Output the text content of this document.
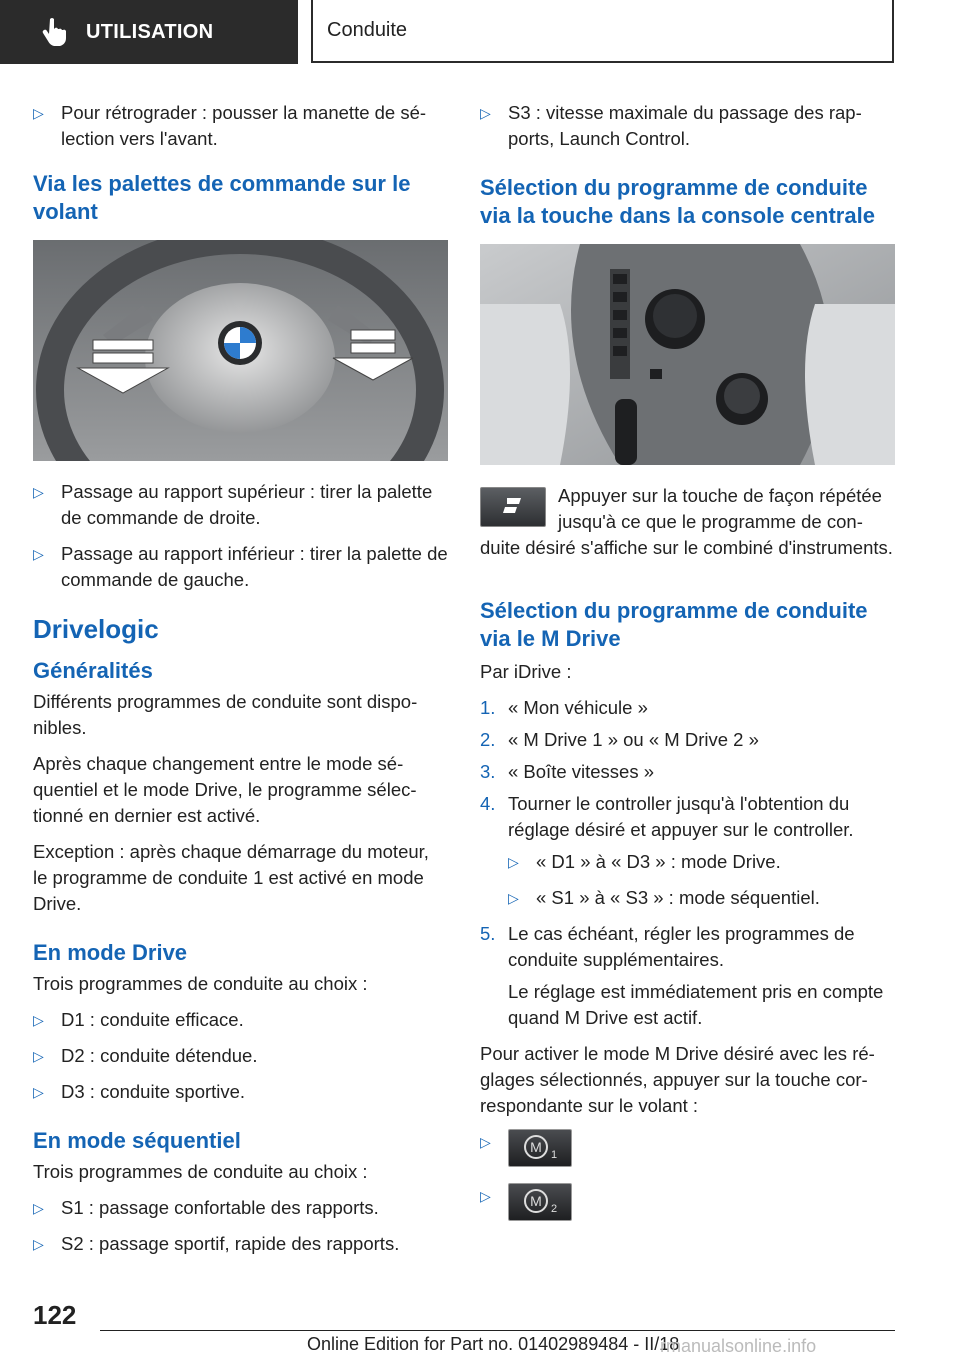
UTILISATION	Conduite
▷ Pour rétrograder : pousser la manette de sélection vers l'avant.
Via les palettes de commande sur le volant
▷ Passage au rapport supérieur : tirer la palette de commande de droite.
▷ Passage au rapport inférieur : tirer la palette de commande de gauche.
Drivelogic
Généralités
Différents programmes de conduite sont disponibles.
Après chaque changement entre le mode séquentiel et le mode Drive, le programme sélectionné en dernier est activé.
Exception : après chaque démarrage du moteur, le programme de conduite 1 est activé en mode Drive.
En mode Drive
Trois programmes de conduite au choix :
▷ D1 : conduite efficace.
▷ D2 : conduite détendue.
▷ D3 : conduite sportive.
En mode séquentiel
Trois programmes de conduite au choix :
▷ S1 : passage confortable des rapports.
▷ S2 : passage sportif, rapide des rapports.
▷ S3 : vitesse maximale du passage des rapports, Launch Control.
Sélection du programme de conduite via la touche dans la console centrale
Appuyer sur la touche de façon répétée jusqu'à ce que le programme de conduite désiré s'affiche sur le combiné d'instruments.
Sélection du programme de conduite via le M Drive
Par iDrive :
1. « Mon véhicule »
2. « M Drive 1 » ou « M Drive 2 »
3. « Boîte vitesses »
4. Tourner le controller jusqu'à l'obtention du réglage désiré et appuyer sur le controller.
▷ « D1 » à « D3 » : mode Drive.
▷ « S1 » à « S3 » : mode séquentiel.
5. Le cas échéant, régler les programmes de conduite supplémentaires.
Le réglage est immédiatement pris en compte quand M Drive est actif.
Pour activer le mode M Drive désiré avec les réglages sélectionnés, appuyer sur la touche correspondante sur le volant :
▷	M 1
▷	M 2
122
Online Edition for Part no. 01402989484 - II/18
rmanualsonline.info
